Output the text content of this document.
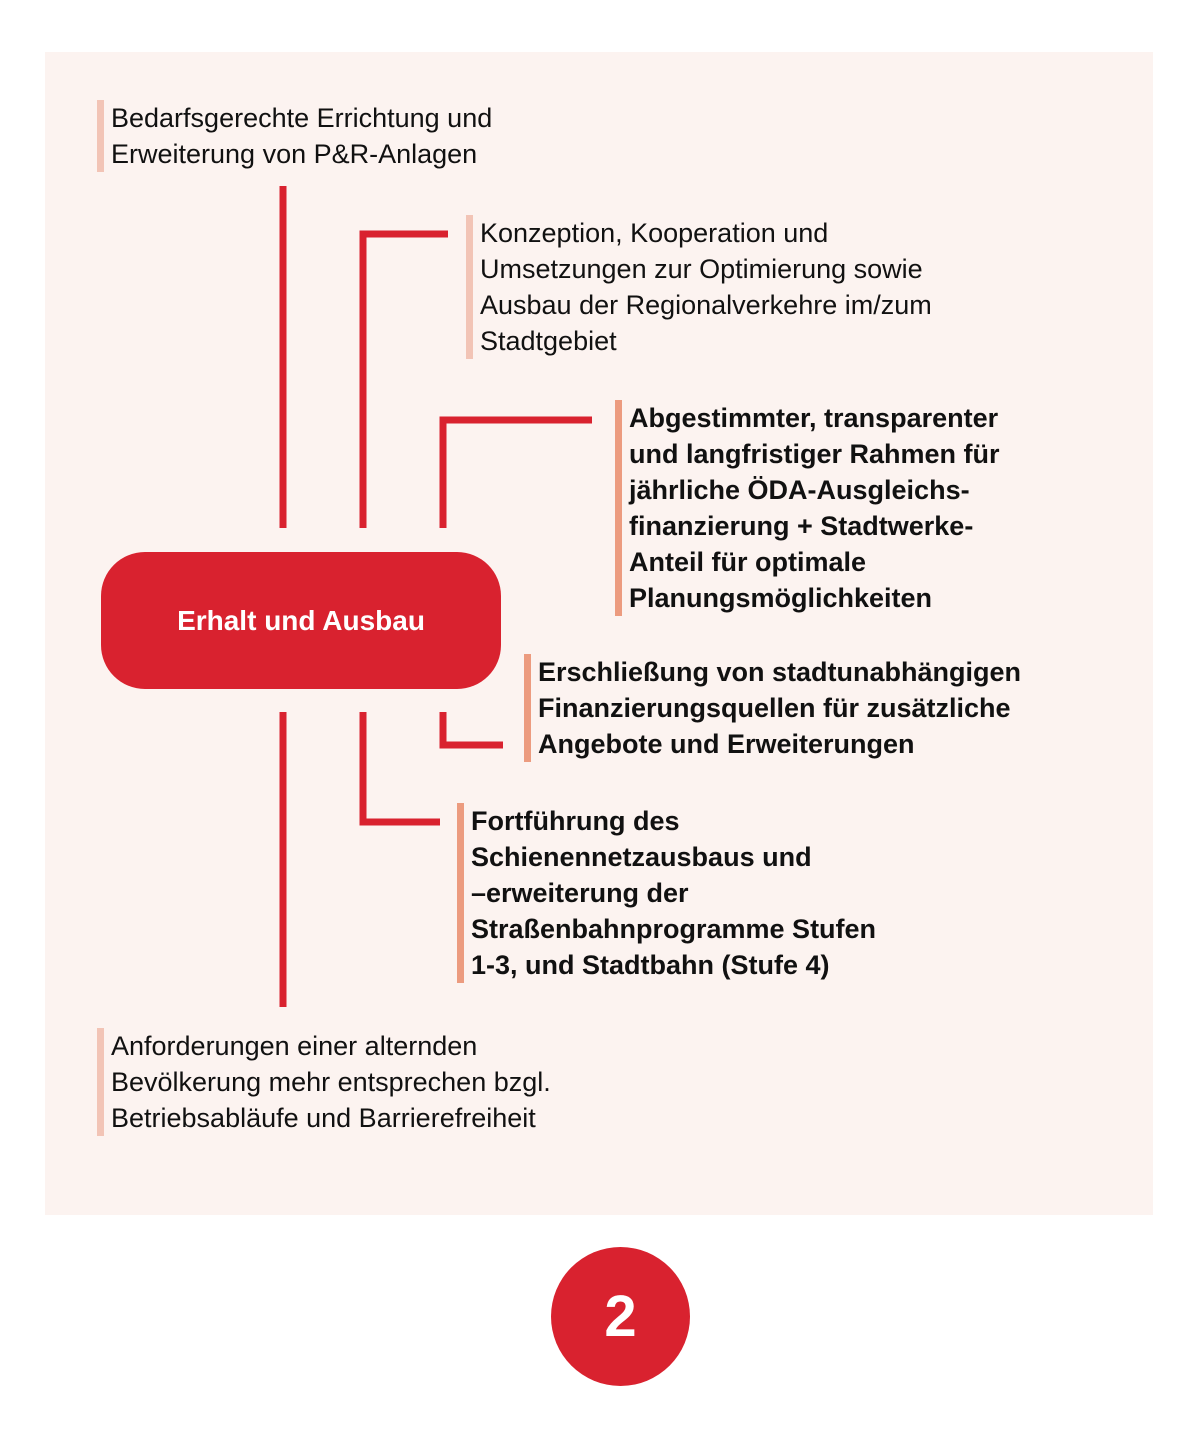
Erhalt und Ausbau
Bedarfsgerechte Errichtung und
Erweiterung von P&R-Anlagen
Konzeption, Kooperation und
Umsetzungen zur Optimierung sowie
Ausbau der Regionalverkehre im/zum
Stadtgebiet
Abgestimmter, transparenter
und langfristiger Rahmen für
jährliche ÖDA-Ausgleichs-
finanzierung + Stadtwerke-
Anteil für optimale
Planungsmöglichkeiten
Erschließung von stadtunabhängigen
Finanzierungsquellen für zusätzliche
Angebote und Erweiterungen
Fortführung des
Schienennetzausbaus und
–erweiterung der
Straßenbahnprogramme Stufen
1-3, und Stadtbahn (Stufe 4)
Anforderungen einer alternden
Bevölkerung mehr entsprechen bzgl.
Betriebsabläufe und Barrierefreiheit
2
